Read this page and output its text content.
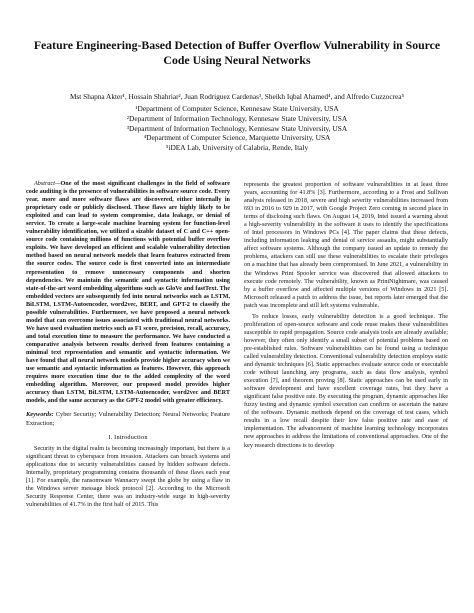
Feature Engineering-Based Detection of Buffer Overflow Vulnerability in Source Code Using Neural Networks
Mst Shapna Akter¹, Hossain Shahriar², Juan Rodriguez Cardenas³, Sheikh Iqbal Ahamed⁴, and Alfredo Cuzzocrea⁵
¹Department of Computer Science, Kennesaw State University, USA
²Department of Information Technology, Kennesaw State University, USA
³Department of Information Technology, Kennesaw State University, USA
⁴Department of Computer Science, Marquette University, USA
⁵iDEA Lab, University of Calabria, Rende, Italy

Abstract—One of the most significant challenges in the field of software code auditing is the presence of vulnerabilities in software source code. Every year, more and more software flaws are discovered, either internally in proprietary code or publicly disclosed. These flaws are highly likely to be exploited and can lead to system compromise, data leakage, or denial of service. To create a large-scale machine learning system for function-level vulnerability identification, we utilized a sizable dataset of C and C++ open-source code containing millions of functions with potential buffer overflow exploits. We have developed an efficient and scalable vulnerability detection method based on neural network models that learn features extracted from the source codes. The source code is first converted into an intermediate representation to remove unnecessary components and shorten dependencies. We maintain the semantic and syntactic information using state-of-the-art word embedding algorithms such as GloVe and fastText. The embedded vectors are subsequently fed into neural networks such as LSTM, BiLSTM, LSTM-Autoencoder, word2vec, BERT, and GPT-2 to classify the possible vulnerabilities. Furthermore, we have proposed a neural network model that can overcome issues associated with traditional neural networks. We have used evaluation metrics such as F1 score, precision, recall, accuracy, and total execution time to measure the performance. We have conducted a comparative analysis between results derived from features containing a minimal text representation and semantic and syntactic information. We have found that all neural network models provide higher accuracy when we use semantic and syntactic information as features. However, this approach requires more execution time due to the added complexity of the word embedding algorithm. Moreover, our proposed model provides higher accuracy than LSTM, BiLSTM, LSTM-Autoencoder, word2vec and BERT models, and the same accuracy as the GPT-2 model with greater efficiency.

Keywords: Cyber Security; Vulnerability Detection; Neural Networks; Feature Extraction;
I. Introduction

Security in the digital realm is becoming increasingly important, but there is a significant threat to cyberspace from invasion. Attackers can breach systems and applications due to security vulnerabilities caused by hidden software defects. Internally, proprietary programming contains thousands of these flaws each year [1]. For example, the ransomware Wannacry swept the globe by using a flaw in the Windows server message block protocol [2]. According to the Microsoft Security Response Center, there was an industry-wide surge in high-severity vulnerabilities of 41.7% in the first half of 2015. This

represents the greatest proportion of software vulnerabilities in at least three years, accounting for 41.8% [3]. Furthermore, according to a Frost and Sullivan analysis released in 2018, severe and high severity vulnerabilities increased from 693 in 2016 to 929 in 2017, with Google Project Zero coming in second place in terms of disclosing such flaws. On August 14, 2019, Intel issued a warning about a high-severity vulnerability in the software it uses to identify the specifications of Intel processors in Windows PCs [4]. The paper claims that these defects, including information leaking and denial of service assaults, might substantially affect software systems. Although the company issued an update to remedy the problems, attackers can still use these vulnerabilities to escalate their privileges on a machine that has already been compromised. In June 2021, a vulnerability in the Windows Print Spooler service was discovered that allowed attackers to execute code remotely. The vulnerability, known as PrintNightmare, was caused by a buffer overflow and affected multiple versions of Windows in 2021 [5]. Microsoft released a patch to address the issue, but reports later emerged that the patch was incomplete and still left systems vulnerable.

To reduce losses, early vulnerability detection is a good technique. The proliferation of open-source software and code reuse makes these vulnerabilities susceptible to rapid propagation. Source code analysis tools are already available; however, they often only identify a small subset of potential problems based on pre-established rules. Software vulnerabilities can be found using a technique called vulnerability detection. Conventional vulnerability detection employs static and dynamic techniques [6]. Static approaches evaluate source code or executable code without launching any programs, such as data flow analysis, symbol execution [7], and theorem proving [8]. Static approaches can be used early in software development and have excellent coverage rates, but they have a significant false positive rate. By executing the program, dynamic approaches like fuzzy testing and dynamic symbol execution can confirm or ascertain the nature of the software. Dynamic methods depend on the coverage of test cases, which results in a low recall despite their low false positive rate and ease of implementation. The advancement of machine learning technology incorporates new approaches to address the limitations of conventional approaches. One of the key research directions is to develop
